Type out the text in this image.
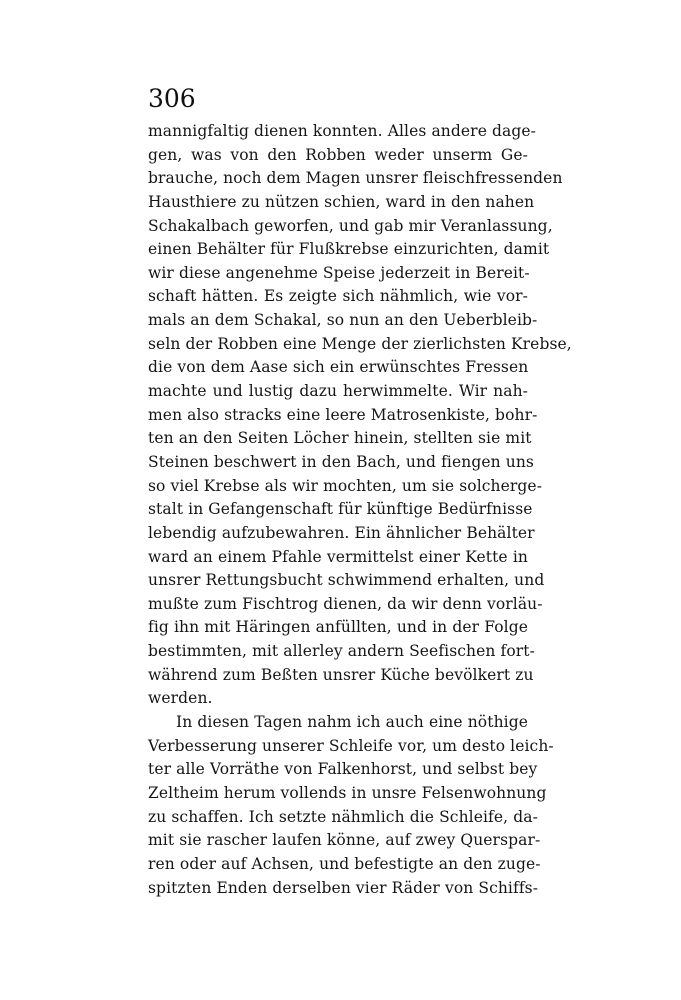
306
mannigfaltig dienen konnten. Alles andere dage-
gen, was von den Robben weder unserm Ge-
brauche, noch dem Magen unsrer fleischfressenden
Hausthiere zu nützen schien, ward in den nahen
Schakalbach geworfen, und gab mir Veranlassung,
einen Behälter für Flußkrebse einzurichten, damit
wir diese angenehme Speise jederzeit in Bereit-
schaft hätten. Es zeigte sich nähmlich, wie vor-
mals an dem Schakal, so nun an den Ueberbleib-
seln der Robben eine Menge der zierlichsten Krebse,
die von dem Aase sich ein erwünschtes Fressen
machte und lustig dazu herwimmelte. Wir nah-
men also stracks eine leere Matrosenkiste, bohr-
ten an den Seiten Löcher hinein, stellten sie mit
Steinen beschwert in den Bach, und fiengen uns
so viel Krebse als wir mochten, um sie solcherge-
stalt in Gefangenschaft für künftige Bedürfnisse
lebendig aufzubewahren. Ein ähnlicher Behälter
ward an einem Pfahle vermittelst einer Kette in
unsrer Rettungsbucht schwimmend erhalten, und
mußte zum Fischtrog dienen, da wir denn vorläu-
fig ihn mit Häringen anfüllten, und in der Folge
bestimmten, mit allerley andern Seefischen fort-
während zum Beßten unsrer Küche bevölkert zu
werden.
In diesen Tagen nahm ich auch eine nöthige
Verbesserung unserer Schleife vor, um desto leich-
ter alle Vorräthe von Falkenhorst, und selbst bey
Zeltheim herum vollends in unsre Felsenwohnung
zu schaffen. Ich setzte nähmlich die Schleife, da-
mit sie rascher laufen könne, auf zwey Querspar-
ren oder auf Achsen, und befestigte an den zuge-
spitzten Enden derselben vier Räder von Schiffs-
